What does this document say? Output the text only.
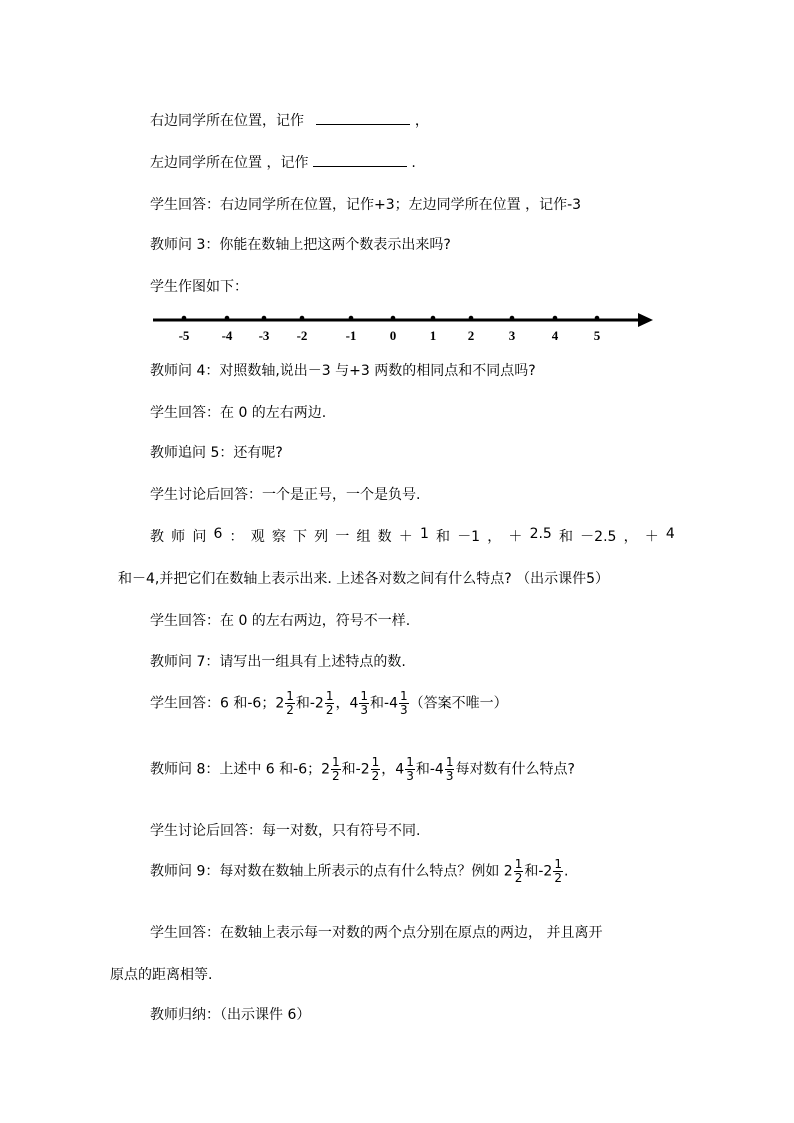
右边同学所在位置，记作	，
左边同学所在位置 ，记作	.
学生回答：右边同学所在位置，记作+3；左边同学所在位置 ，记作-3
教师问 3：你能在数轴上把这两个数表示出来吗?
学生作图如下：
-5 -4 -3 -2	-1	0	1 2	3	4	5
教师问 4：对照数轴,说出－3 与+3 两数的相同点和不同点吗?
学生回答：在 0 的左右两边.
教师追问 5：还有呢?
学生讨论后回答：一个是正号，一个是负号.
教 师 问 6 ： 观 察 下 列 一 组 数 ＋ 1 和 －1 ， ＋ 2.5 和 －2.5 ， ＋ 4
和－4,并把它们在数轴上表示出来. 上述各对数之间有什么特点? （出示课件5）
学生回答：在 0 的左右两边，符号不一样.
教师问 7：请写出一组具有上述特点的数.
学生回答：6 和-6；$2 \frac{1}{2}$ 和$-2 \frac{1}{2}$ ，$4 \frac{1}{3}$ 和$-4 \frac{1}{3}$ （答案不唯一）
教师问 8：上述中 6 和-6；$2 \frac{1}{2}$ 和$-2 \frac{1}{2}$ ，$4 \frac{1}{3}$ 和$-4 \frac{1}{3}$ 每对数有什么特点?
学生讨论后回答：每一对数，只有符号不同.
教师问 9：每对数在数轴上所表示的点有什么特点？例如 $2 \frac{1}{2}$ 和$-2 \frac{1}{2}$ .
学生回答：在数轴上表示每一对数的两个点分别在原点的两边， 并且离开
原点的距离相等.
教师归纳：（出示课件 6）
